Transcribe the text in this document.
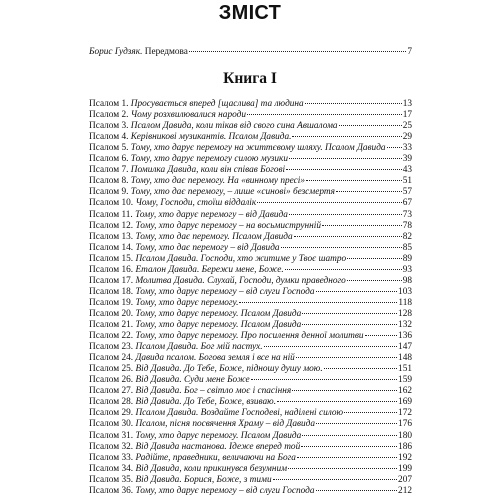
ЗМІСТ
Борис Ґудзяк. Передмова	7
Книга І
Псалом 1. Просувається вперед [щаслива] та людина	13
Псалом 2. Чому розхвилювалися народи	17
Псалом 3. Псалом Давида, коли тікав від свого сина Авшалома	25
Псалом 4. Керівникові музикантів. Псалом Давида.	29
Псалом 5. Тому, хто дарує перемогу на життєвому шляху. Псалом Давида 33
Псалом 6. Тому, хто дарує перемогу силою музики	39
Псалом 7. Помилка Давида, коли він співав Богові	43
Псалом 8. Тому, хто дає перемогу. На «винному пресі»	51
Псалом 9. Тому, хто дає перемогу, – лише «синові» безсмертя	57
Псалом 10. Чому, Господи, стоїш віддалік	67
Псалом 11. Тому, хто дарує перемогу – від Давида	73
Псалом 12. Тому, хто дарує перемогу – на восьмиструнній	78
Псалом 13. Тому, хто дає перемогу. Псалом Давида	82
Псалом 14. Тому, хто дає перемогу – від Давида	85
Псалом 15. Псалом Давида. Господи, хто житиме у Твоє шатро	89
Псалом 16. Еталон Давида. Бережи мене, Боже.	93
Псалом 17. Молитва Давида. Слухай, Господи, думки праведного	98
Псалом 18. Тому, хто дарує перемогу – від слуги Господа	103
Псалом 19. Тому, хто дарує перемогу.	118
Псалом 20. Тому, хто дарує перемогу. Псалом Давида	128
Псалом 21. Тому, хто дарує перемогу. Псалом Давида	132
Псалом 22. Тому, хто дарує перемогу. Про посилення денної молитви	136
Псалом 23. Псалом Давида. Бог мій пастух.	147
Псалом 24. Давида псалом. Богова земля і все на ній	148
Псалом 25. Від Давида. До Тебе, Боже, підношу душу мою.	151
Псалом 26. Від Давида. Суди мене Боже	159
Псалом 27. Від Давида. Бог – світло моє і спасіння	162
Псалом 28. Від Давида. До Тебе, Боже, взиваю.	169
Псалом 29. Псалом Давида. Воздайте Господеві, наділені силою	172
Псалом 30. Псалом, пісня посвячення Храму – від Давида	176
Псалом 31. Тому, хто дарує перемогу. Псалом Давида	180
Псалом 32. Від Давида настанова. Ідеже вперед той	186
Псалом 33. Радійте, праведники, величаючи на Бога	192
Псалом 34. Від Давида, коли прикинувся безумним	199
Псалом 35. Від Давида. Борися, Боже, з тими	207
Псалом 36. Тому, хто дарує перемогу – від слуги Господа	212
